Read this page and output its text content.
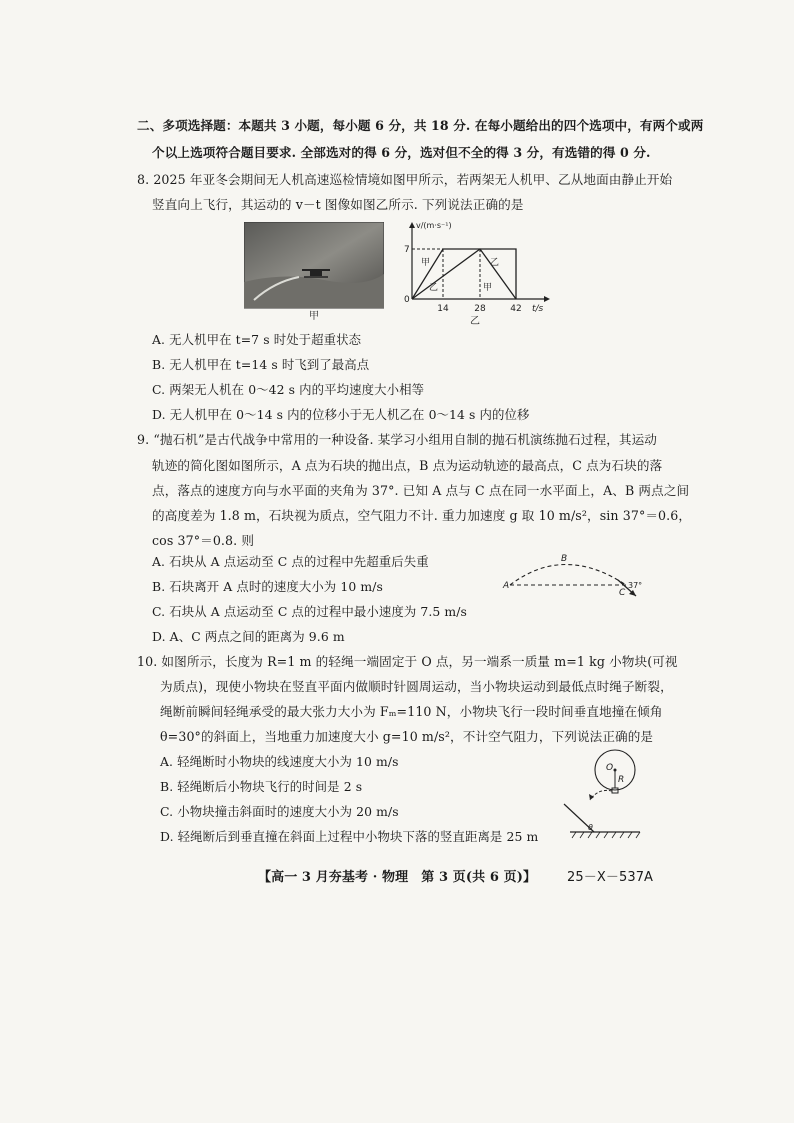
二、多项选择题：本题共 3 小题，每小题 6 分，共 18 分. 在每小题给出的四个选项中，有两个或两
个以上选项符合题目要求. 全部选对的得 6 分，选对但不全的得 3 分，有选错的得 0 分.
8. 2025 年亚冬会期间无人机高速巡检情境如图甲所示，若两架无人机甲、乙从地面由静止开始
竖直向上飞行，其运动的 v－t 图像如图乙所示. 下列说法正确的是
甲
v/(m·s⁻¹)
t/s
7
0
14	28	42
甲	乙
乙	甲
乙
A. 无人机甲在 t=7 s 时处于超重状态
B. 无人机甲在 t=14 s 时飞到了最高点
C. 两架无人机在 0～42 s 内的平均速度大小相等
D. 无人机甲在 0～14 s 内的位移小于无人机乙在 0～14 s 内的位移
9. “抛石机”是古代战争中常用的一种设备. 某学习小组用自制的抛石机演练抛石过程，其运动
轨迹的简化图如图所示，A 点为石块的抛出点，B 点为运动轨迹的最高点，C 点为石块的落
点，落点的速度方向与水平面的夹角为 37°. 已知 A 点与 C 点在同一水平面上，A、B 两点之间
的高度差为 1.8 m，石块视为质点，空气阻力不计. 重力加速度 g 取 10 m/s²，sin 37°＝0.6，
cos 37°＝0.8. 则
A. 石块从 A 点运动至 C 点的过程中先超重后失重
B. 石块离开 A 点时的速度大小为 10 m/s
C. 石块从 A 点运动至 C 点的过程中最小速度为 7.5 m/s
D. A、C 两点之间的距离为 9.6 m
A
B
C
37°
10. 如图所示，长度为 R=1 m 的轻绳一端固定于 O 点，另一端系一质量 m=1 kg 小物块(可视
为质点)，现使小物块在竖直平面内做顺时针圆周运动，当小物块运动到最低点时绳子断裂，
绳断前瞬间轻绳承受的最大张力大小为 Fₘ=110 N，小物块飞行一段时间垂直地撞在倾角
θ=30°的斜面上，当地重力加速度大小 g=10 m/s²，不计空气阻力，下列说法正确的是
A. 轻绳断时小物块的线速度大小为 10 m/s
B. 轻绳断后小物块飞行的时间是 2 s
C. 小物块撞击斜面时的速度大小为 20 m/s
D. 轻绳断后到垂直撞在斜面上过程中小物块下落的竖直距离是 25 m
O
R
θ
【高一 3 月夯基考 · 物理　第 3 页(共 6 页)】 25－X－537A
